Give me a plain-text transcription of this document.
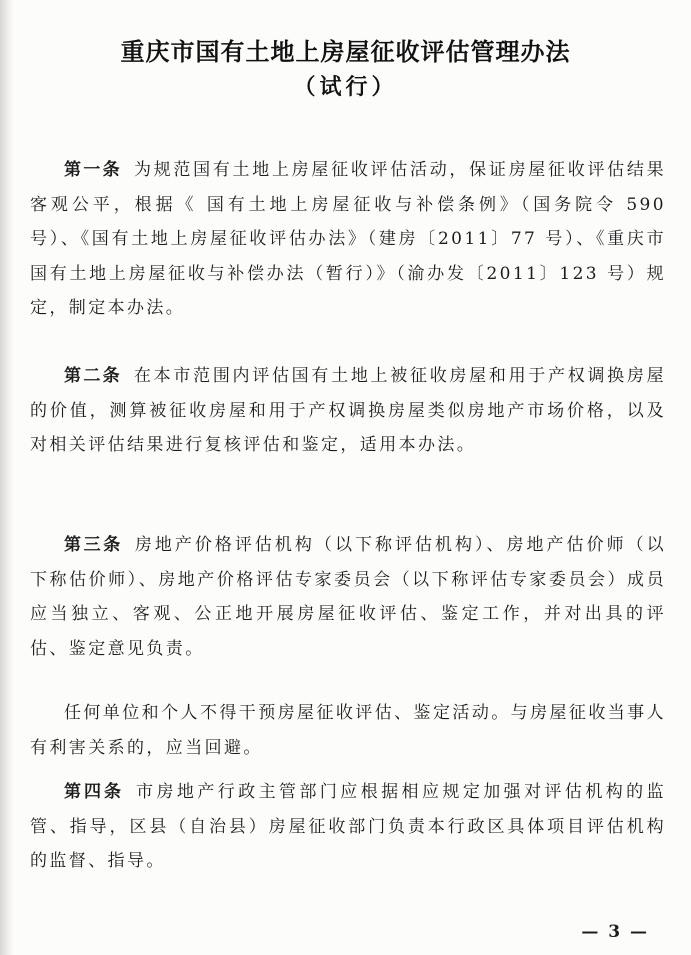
重庆市国有土地上房屋征收评估管理办法
（试行）

第一条 为规范国有土地上房屋征收评估活动，保证房屋征收评估结果客观公平，根据《 国有土地上房屋征收与补偿条例》（国务院令 590 号）、《国有土地上房屋征收评估办法》（建房〔2011〕77 号）、《重庆市国有土地上房屋征收与补偿办法（暂行）》（渝办发〔2011〕123 号）规定，制定本办法。

第二条 在本市范围内评估国有土地上被征收房屋和用于产权调换房屋的价值，测算被征收房屋和用于产权调换房屋类似房地产市场价格，以及对相关评估结果进行复核评估和鉴定，适用本办法。

第三条 房地产价格评估机构（以下称评估机构）、房地产估价师（以下称估价师）、房地产价格评估专家委员会（以下称评估专家委员会）成员应当独立、客观、公正地开展房屋征收评估、鉴定工作，并对出具的评估、鉴定意见负责。

任何单位和个人不得干预房屋征收评估、鉴定活动。与房屋征收当事人有利害关系的，应当回避。

第四条 市房地产行政主管部门应根据相应规定加强对评估机构的监管、指导，区县（自治县）房屋征收部门负责本行政区具体项目评估机构的监督、指导。

— 3 —
